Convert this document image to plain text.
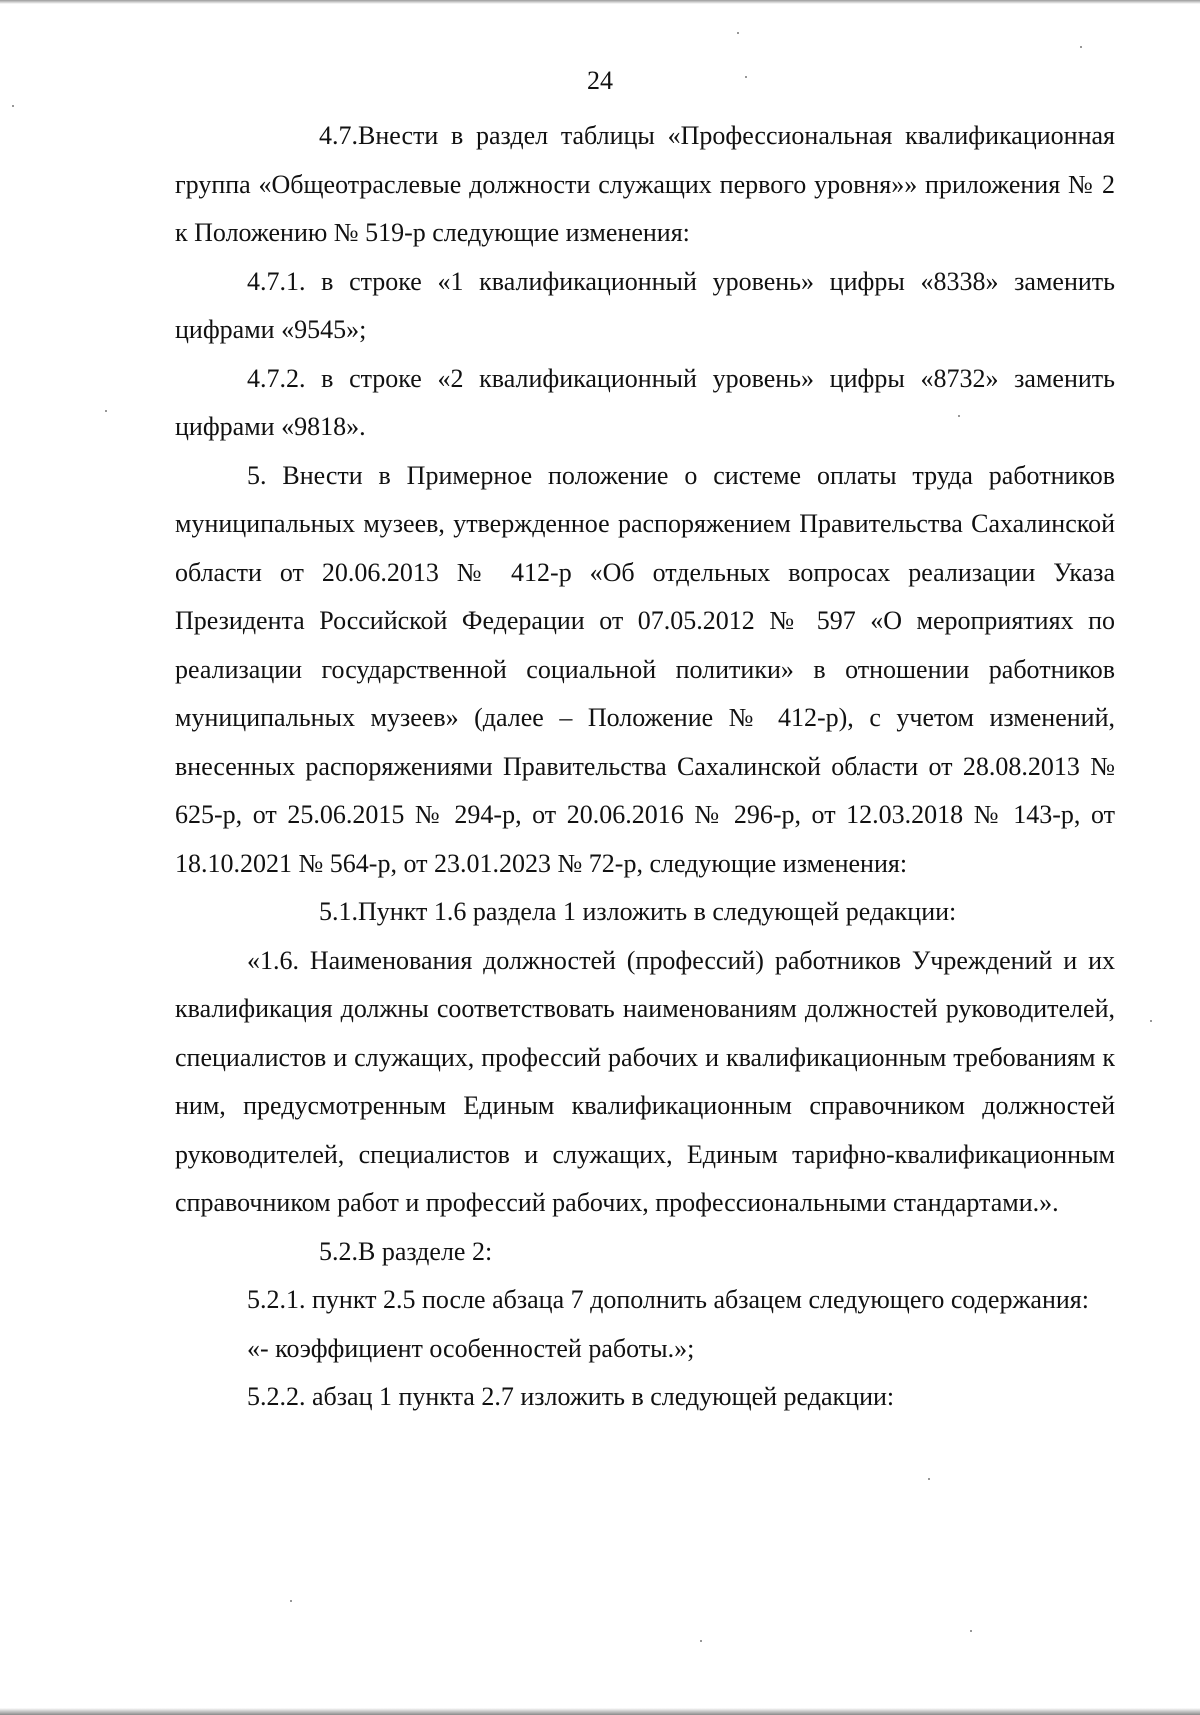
24

4.7.Внести в раздел таблицы «Профессиональная квалификационная группа «Общеотраслевые должности служащих первого уровня»» приложения № 2 к Положению № 519-р следующие изменения:

4.7.1. в строке «1 квалификационный уровень» цифры «8338» заменить цифрами «9545»;

4.7.2. в строке «2 квалификационный уровень» цифры «8732» заменить цифрами «9818».

5. Внести в Примерное положение о системе оплаты труда работников муниципальных музеев, утвержденное распоряжением Правительства Сахалинской области от 20.06.2013 № 412-р «Об отдельных вопросах реализации Указа Президента Российской Федерации от 07.05.2012 № 597 «О мероприятиях по реализации государственной социальной политики» в отношении работников муниципальных музеев» (далее – Положение № 412-р), с учетом изменений, внесенных распоряжениями Правительства Сахалинской области от 28.08.2013 № 625-р, от 25.06.2015 № 294-р, от 20.06.2016 № 296-р, от 12.03.2018 № 143-р, от 18.10.2021 № 564-р, от 23.01.2023 № 72-р, следующие изменения:

5.1.Пункт 1.6 раздела 1 изложить в следующей редакции:

«1.6. Наименования должностей (профессий) работников Учреждений и их квалификация должны соответствовать наименованиям должностей руководителей, специалистов и служащих, профессий рабочих и квалификационным требованиям к ним, предусмотренным Единым квалификационным справочником должностей руководителей, специалистов и служащих, Единым тарифно-квалификационным справочником работ и профессий рабочих, профессиональными стандартами.».

5.2.В разделе 2:

5.2.1. пункт 2.5 после абзаца 7 дополнить абзацем следующего содержания:

«- коэффициент особенностей работы.»;

5.2.2. абзац 1 пункта 2.7 изложить в следующей редакции:
